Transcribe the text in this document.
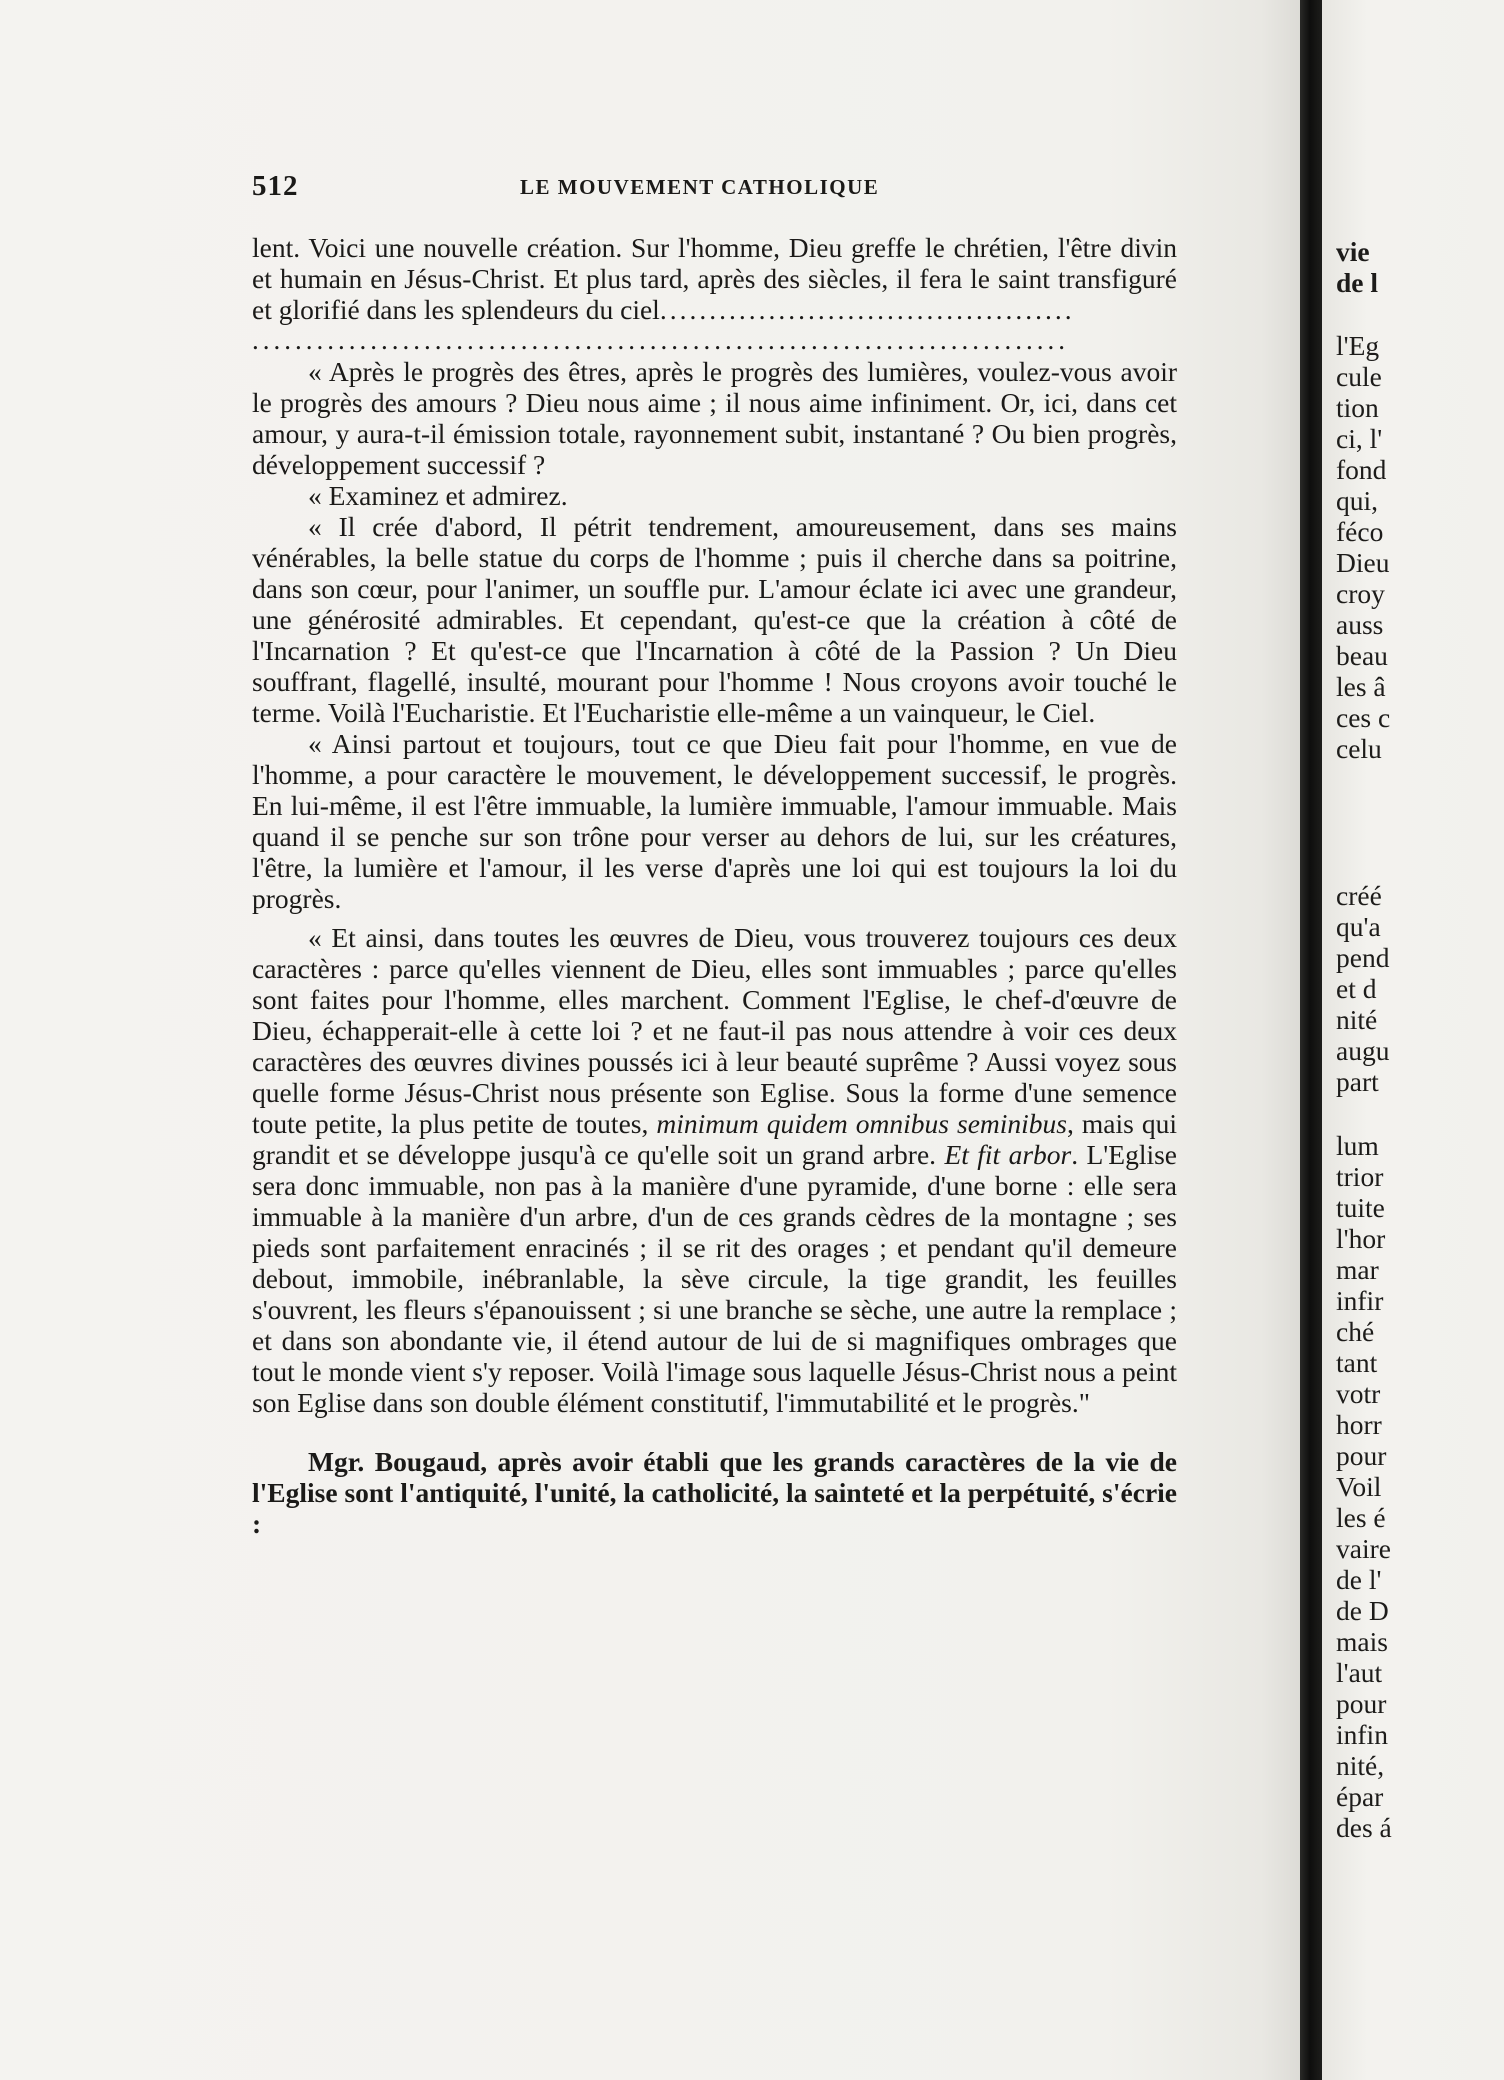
512	LE MOUVEMENT CATHOLIQUE

lent. Voici une nouvelle création. Sur l'homme, Dieu greffe le chrétien, l'être divin et humain en Jésus-Christ. Et plus tard, après des siècles, il fera le saint transfiguré et glorifié dans les splendeurs du ciel..........................................

............................................................................

« Après le progrès des êtres, après le progrès des lumières, voulez-vous avoir le progrès des amours ? Dieu nous aime ; il nous aime infiniment. Or, ici, dans cet amour, y aura-t-il émission totale, rayonnement subit, instantané ? Ou bien progrès, développement successif ?

« Examinez et admirez.

« Il crée d'abord, Il pétrit tendrement, amoureusement, dans ses mains vénérables, la belle statue du corps de l'homme ; puis il cherche dans sa poitrine, dans son cœur, pour l'animer, un souffle pur. L'amour éclate ici avec une grandeur, une générosité admirables. Et cependant, qu'est-ce que la création à côté de l'Incarnation ? Et qu'est-ce que l'Incarnation à côté de la Passion ? Un Dieu souffrant, flagellé, insulté, mourant pour l'homme ! Nous croyons avoir touché le terme. Voilà l'Eucharistie. Et l'Eucharistie elle-même a un vainqueur, le Ciel.

« Ainsi partout et toujours, tout ce que Dieu fait pour l'homme, en vue de l'homme, a pour caractère le mouvement, le développement successif, le progrès. En lui-même, il est l'être immuable, la lumière immuable, l'amour immuable. Mais quand il se penche sur son trône pour verser au dehors de lui, sur les créatures, l'être, la lumière et l'amour, il les verse d'après une loi qui est toujours la loi du progrès.

« Et ainsi, dans toutes les œuvres de Dieu, vous trouverez toujours ces deux caractères : parce qu'elles viennent de Dieu, elles sont immuables ; parce qu'elles sont faites pour l'homme, elles marchent. Comment l'Eglise, le chef-d'œuvre de Dieu, échapperait-elle à cette loi ? et ne faut-il pas nous attendre à voir ces deux caractères des œuvres divines poussés ici à leur beauté suprême ? Aussi voyez sous quelle forme Jésus-Christ nous présente son Eglise. Sous la forme d'une semence toute petite, la plus petite de toutes, minimum quidem omnibus seminibus, mais qui grandit et se développe jusqu'à ce qu'elle soit un grand arbre. Et fit arbor. L'Eglise sera donc immuable, non pas à la manière d'une pyramide, d'une borne : elle sera immuable à la manière d'un arbre, d'un de ces grands cèdres de la montagne ; ses pieds sont parfaitement enracinés ; il se rit des orages ; et pendant qu'il demeure debout, immobile, inébranlable, la sève circule, la tige grandit, les feuilles s'ouvrent, les fleurs s'épanouissent ; si une branche se sèche, une autre la remplace ; et dans son abondante vie, il étend autour de lui de si magnifiques ombrages que tout le monde vient s'y reposer. Voilà l'image sous laquelle Jésus-Christ nous a peint son Eglise dans son double élément constitutif, l'immutabilité et le progrès."

Mgr. Bougaud, après avoir établi que les grands caractères de la vie de l'Eglise sont l'antiquité, l'unité, la catholicité, la sainteté et la perpétuité, s'écrie :

vie
de l
l'Eg
cule
tion
ci, l'
fond
qui,
féco
Dieu
croy
auss
beau
les â
ces c
celu
créé
qu'a
pend
et d
nité
augu
part
lum
trior
tuite
l'hor
mar
infir
ché
tant
votr
horr
pour
Voil
les é
vaire
de l'
de D
mais
l'aut
pour
infin
nité,
épar
des á
